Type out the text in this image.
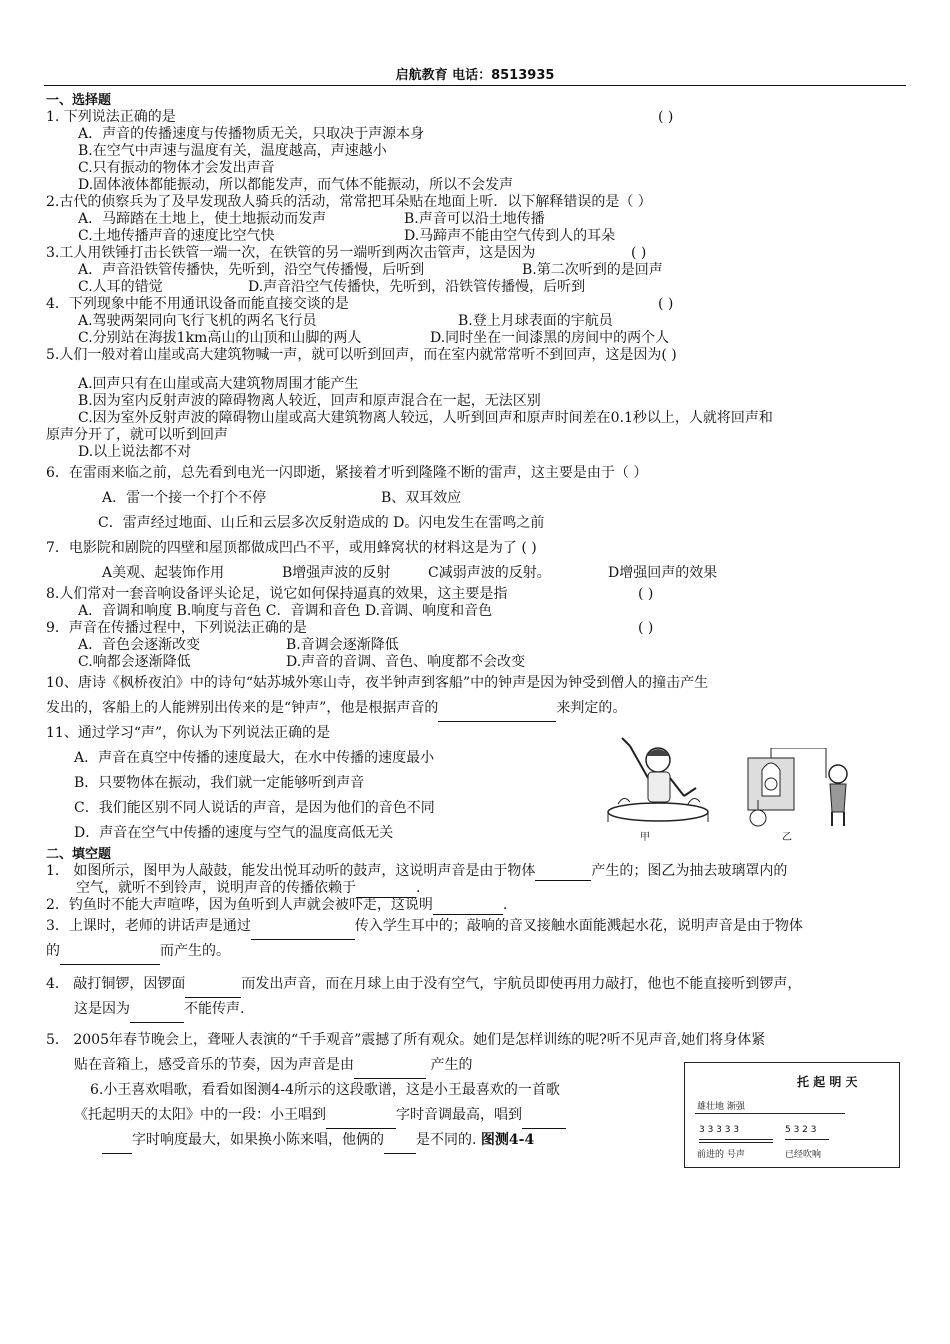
启航教育 电话：8513935
一、选择题
1. 下列说法正确的是	( )
A．声音的传播速度与传播物质无关，只取决于声源本身
B.在空气中声速与温度有关，温度越高，声速越小
C.只有振动的物体才会发出声音
D.固体液体都能振动，所以都能发声，而气体不能振动，所以不会发声
2.古代的侦察兵为了及早发现敌人骑兵的活动，常常把耳朵贴在地面上听．以下解释错误的是（ ）
A．马蹄踏在土地上，使土地振动而发声	B.声音可以沿土地传播
C.土地传播声音的速度比空气快	D.马蹄声不能由空气传到人的耳朵
3.工人用铁锤打击长铁管一端一次，在铁管的另一端听到两次击管声，这是因为	( )
A．声音沿铁管传播快，先听到，沿空气传播慢，后听到	B.第二次听到的是回声
C.人耳的错觉	D.声音沿空气传播快，先听到，沿铁管传播慢，后听到
4．下列现象中能不用通讯设备而能直接交谈的是	( )
A.驾驶两架同向飞行飞机的两名飞行员	B.登上月球表面的宇航员
C.分别站在海拔1km高山的山顶和山脚的两人	D.同时坐在一间漆黑的房间中的两个人
5.人们一般对着山崖或高大建筑物喊一声，就可以听到回声，而在室内就常常听不到回声，这是因为( )
A.回声只有在山崖或高大建筑物周围才能产生
B.因为室内反射声波的障碍物离人较近，回声和原声混合在一起，无法区别
C.因为室外反射声波的障碍物山崖或高大建筑物离人较远，人听到回声和原声时间差在0.1秒以上，人就将回声和
原声分开了，就可以听到回声
D.以上说法都不对
6．在雷雨来临之前，总先看到电光一闪即逝，紧接着才听到隆隆不断的雷声，这主要是由于（ ）
A．雷一个接一个打个不停	B、双耳效应
C．雷声经过地面、山丘和云层多次反射造成的 D。闪电发生在雷鸣之前
7．电影院和剧院的四壁和屋顶都做成凹凸不平，或用蜂窝状的材料这是为了 ( )
A美观、起装饰作用	B增强声波的反射	C减弱声波的反射。	D增强回声的效果
8.人们常对一套音响设备评头论足，说它如何保持逼真的效果，这主要是指	( )
A．音调和响度 B.响度与音色 C．音调和音色 D.音调、响度和音色
9．声音在传播过程中，下列说法正确的是	( )
A．音色会逐渐改变	B.音调会逐渐降低
C.响都会逐渐降低	D.声音的音调、音色、响度都不会改变
10、唐诗《枫桥夜泊》中的诗句“姑苏城外寒山寺，夜半钟声到客船”中的钟声是因为钟受到僧人的撞击产生
发出的，客船上的人能辨别出传来的是“钟声”，他是根据声音的	来判定的。
11、通过学习“声”，你认为下列说法正确的是
A．声音在真空中传播的速度最大，在水中传播的速度最小
B．只要物体在振动，我们就一定能够听到声音
C．我们能区别不同人说话的声音，是因为他们的音色不同
D．声音在空气中传播的速度与空气的温度高低无关
二、填空题
1． 如图所示，图甲为人敲鼓，能发出悦耳动听的鼓声，这说明声音是由于物体	产生的；图乙为抽去玻璃罩内的
空气，就听不到铃声，说明声音的传播依赖于	.
2．钓鱼时不能大声喧哗，因为鱼听到人声就会被吓走，这说明	.
3．上课时，老师的讲话声是通过	传入学生耳中的；敲响的音叉接触水面能溅起水花，说明声音是由于物体
的	而产生的。
4． 敲打铜锣，因锣面	而发出声音，而在月球上由于没有空气，宇航员即使再用力敲打，他也不能直接听到锣声，
这是因为	不能传声.
5． 2005年春节晚会上，聋哑人表演的“千手观音”震撼了所有观众。她们是怎样训练的呢?听不见声音,她们将身体紧
贴在音箱上，感受音乐的节奏，因为声音是由	产生的
6.小王喜欢唱歌，看看如图测4-4所示的这段歌谱，这是小王最喜欢的一首歌
《托起明天的太阳》中的一段：小王唱到	字时音调最高，唱到
字时响度最大，如果换小陈来唱，他俩的 是不同的. 图测4-4
甲	乙
托 起 明 天
雄壮地 渐强
3 3 3 3 3	5 3 2 3
前进的 号声	已经吹响
